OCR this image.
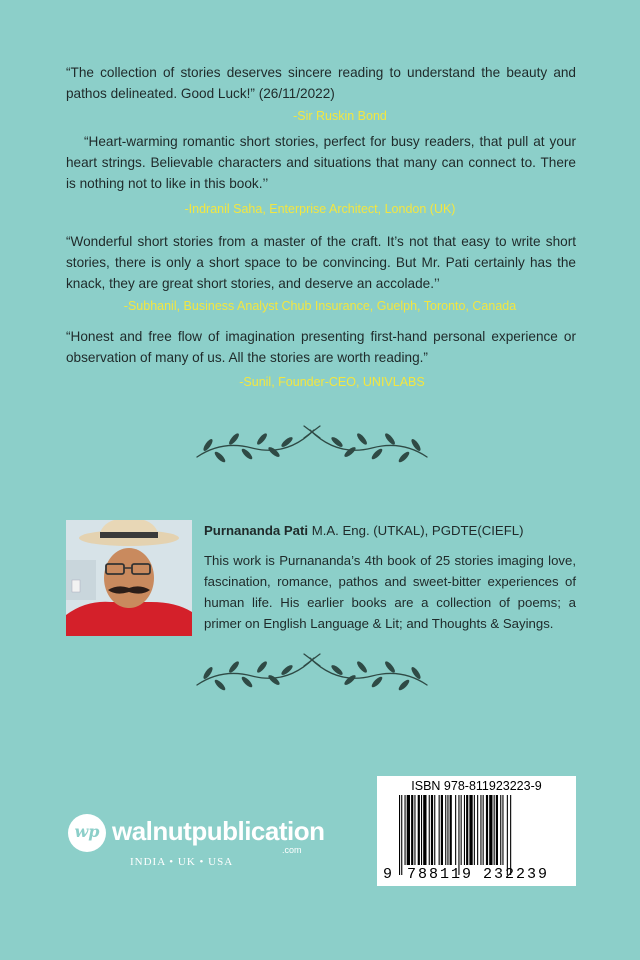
“The collection of stories deserves sincere reading to understand the beauty and pathos delineated. Good Luck!” (26/11/2022)
-Sir Ruskin Bond
“Heart-warming romantic short stories, perfect for busy readers, that pull at your heart strings. Believable characters and situations that many can connect to. There is nothing not to like in this book.’’
-Indranil Saha, Enterprise Architect, London (UK)
“Wonderful short stories from a master of the craft. It’s not that easy to write short stories, there is only a short space to be convincing. But Mr. Pati certainly has the knack, they are great short stories, and deserve an accolade.’’
-Subhanil, Business Analyst Chub Insurance, Guelph, Toronto, Canada
“Honest and free flow of imagination presenting first-hand personal experience or observation of many of us. All the stories are worth reading.”
-Sunil, Founder-CEO, UNIVLABS
Purnananda Pati M.A. Eng. (UTKAL), PGDTE(CIEFL)
This work is Purnananda’s 4th book of 25 stories imaging love, fascination, romance, pathos and sweet-bitter experiences of human life. His earlier books are a collection of poems; a primer on English Language & Lit; and Thoughts & Sayings.
wp walnutpublication
.com
INDIA • UK • USA
ISBN 978-811923223-9
9 788119 232239
